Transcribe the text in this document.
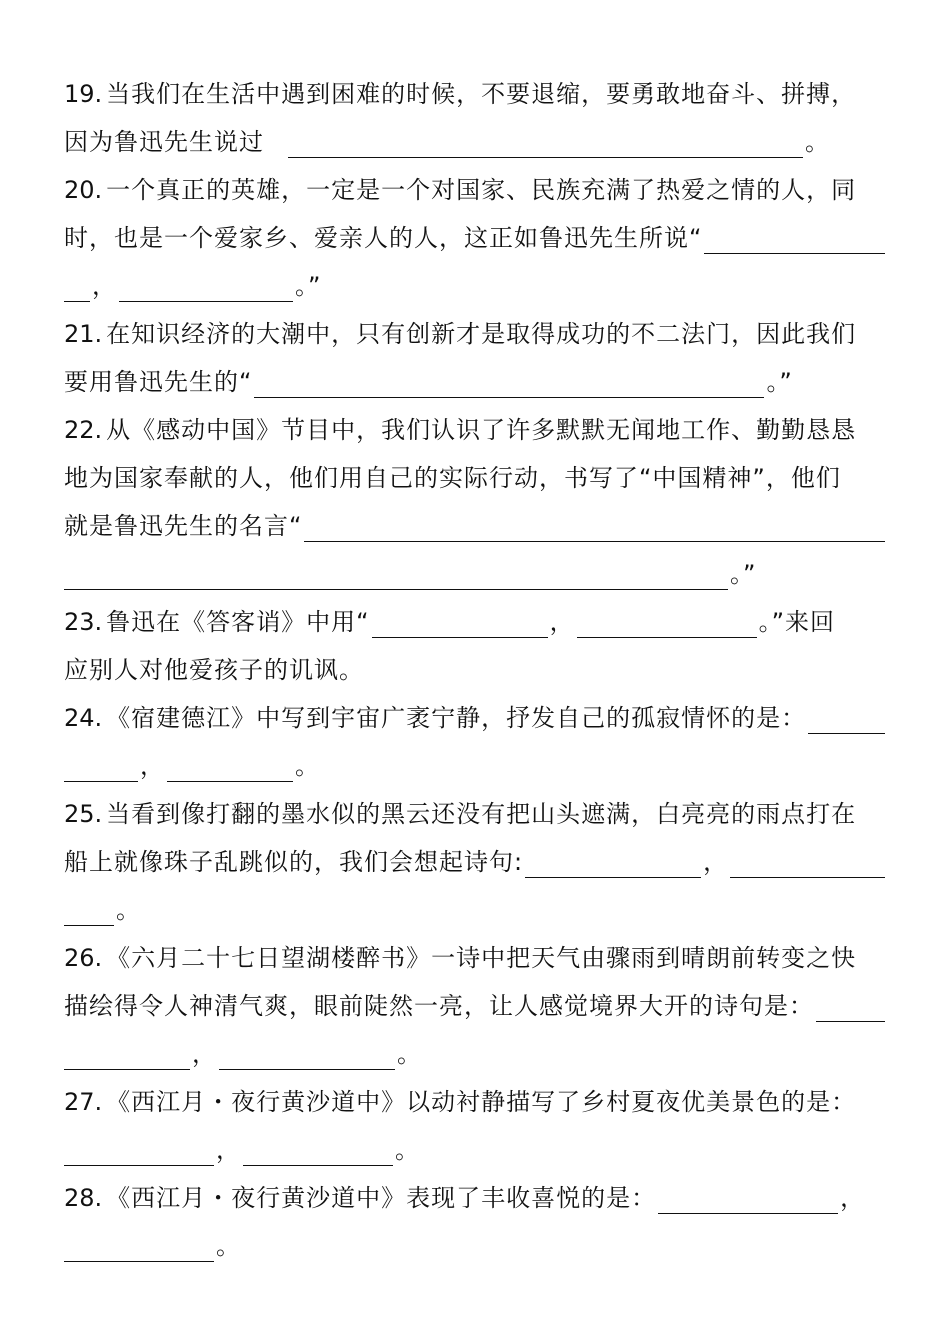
19. 当我们在生活中遇到困难的时候，不要退缩，要勇敢地奋斗、拼搏，
因为鲁迅先生说过	。
20. 一个真正的英雄，一定是一个对国家、民族充满了热爱之情的人，同
时，也是一个爱家乡、爱亲人的人，这正如鲁迅先生所说“
，	。”
21. 在知识经济的大潮中，只有创新才是取得成功的不二法门，因此我们
要用鲁迅先生的“	。”
22. 从《感动中国》节目中，我们认识了许多默默无闻地工作、勤勤恳恳
地为国家奉献的人，他们用自己的实际行动，书写了“中国精神”，他们
就是鲁迅先生的名言“
。”
23. 鲁迅在《答客诮》中用“	，	。”来回
应别人对他爱孩子的讥讽。
24. 《宿建德江》中写到宇宙广袤宁静，抒发自己的孤寂情怀的是：
，	。
25. 当看到像打翻的墨水似的黑云还没有把山头遮满，白亮亮的雨点打在
船上就像珠子乱跳似的，我们会想起诗句:	，
。
26. 《六月二十七日望湖楼醉书》一诗中把天气由骤雨到晴朗前转变之快
描绘得令人神清气爽，眼前陡然一亮，让人感觉境界大开的诗句是：
，	。
27. 《西江月・夜行黄沙道中》以动衬静描写了乡村夏夜优美景色的是：
，	。
28. 《西江月・夜行黄沙道中》表现了丰收喜悦的是：	，
。
